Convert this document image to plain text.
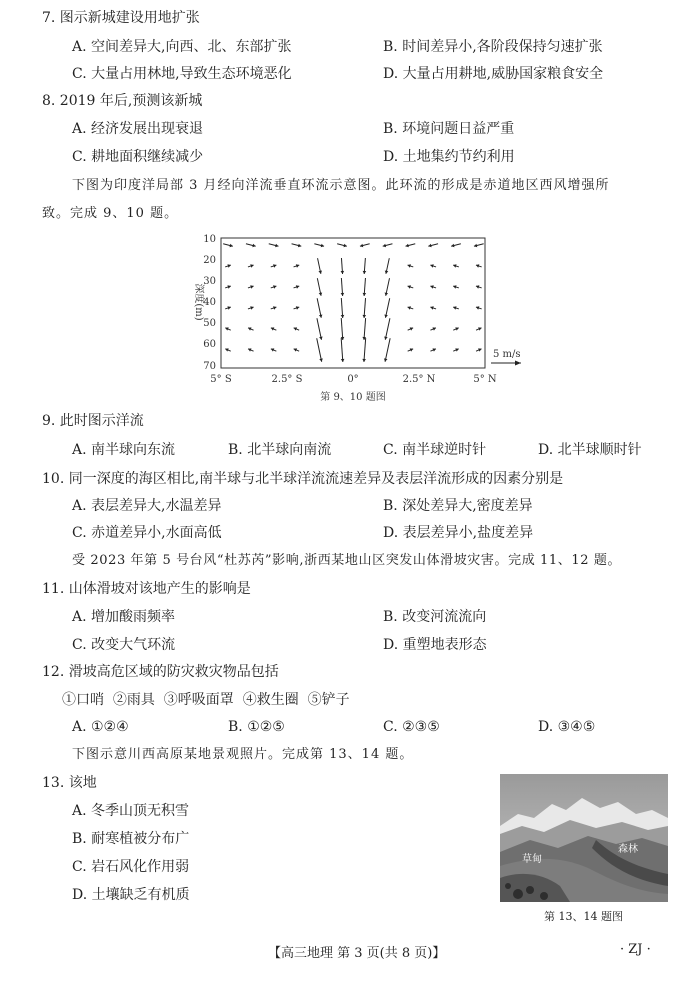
7. 图示新城建设用地扩张
A. 空间差异大,向西、北、东部扩张	B. 时间差异小,各阶段保持匀速扩张
C. 大量占用林地,导致生态环境恶化	D. 大量占用耕地,威胁国家粮食安全
8. 2019 年后,预测该新城
A. 经济发展出现衰退	B. 环境问题日益严重
C. 耕地面积继续减少	D. 土地集约节约利用
下图为印度洋局部 3 月经向洋流垂直环流示意图。此环流的形成是赤道地区西风增强所
致。完成 9、10 题。
深度(m)
10
20
30
40
50
60
70
5° S	2.5° S	0°	2.5° N	5° N
5 m/s
第 9、10 题图
9. 此时图示洋流
A. 南半球向东流	B. 北半球向南流	C. 南半球逆时针	D. 北半球顺时针
10. 同一深度的海区相比,南半球与北半球洋流流速差异及表层洋流形成的因素分别是
A. 表层差异大,水温差异	B. 深处差异大,密度差异
C. 赤道差异小,水面高低	D. 表层差异小,盐度差异
受 2023 年第 5 号台风“杜苏芮”影响,浙西某地山区突发山体滑坡灾害。完成 11、12 题。
11. 山体滑坡对该地产生的影响是
A. 增加酸雨频率	B. 改变河流流向
C. 改变大气环流	D. 重塑地表形态
12. 滑坡高危区域的防灾救灾物品包括
①口哨  ②雨具  ③呼吸面罩  ④救生圈  ⑤铲子
A. ①②④	B. ①②⑤	C. ②③⑤	D. ③④⑤
下图示意川西高原某地景观照片。完成第 13、14 题。
13. 该地
A. 冬季山顶无积雪
B. 耐寒植被分布广
C. 岩石风化作用弱
D. 土壤缺乏有机质
草甸
森林
第 13、14 题图
【高三地理 第 3 页(共 8 页)】	· ZJ ·
